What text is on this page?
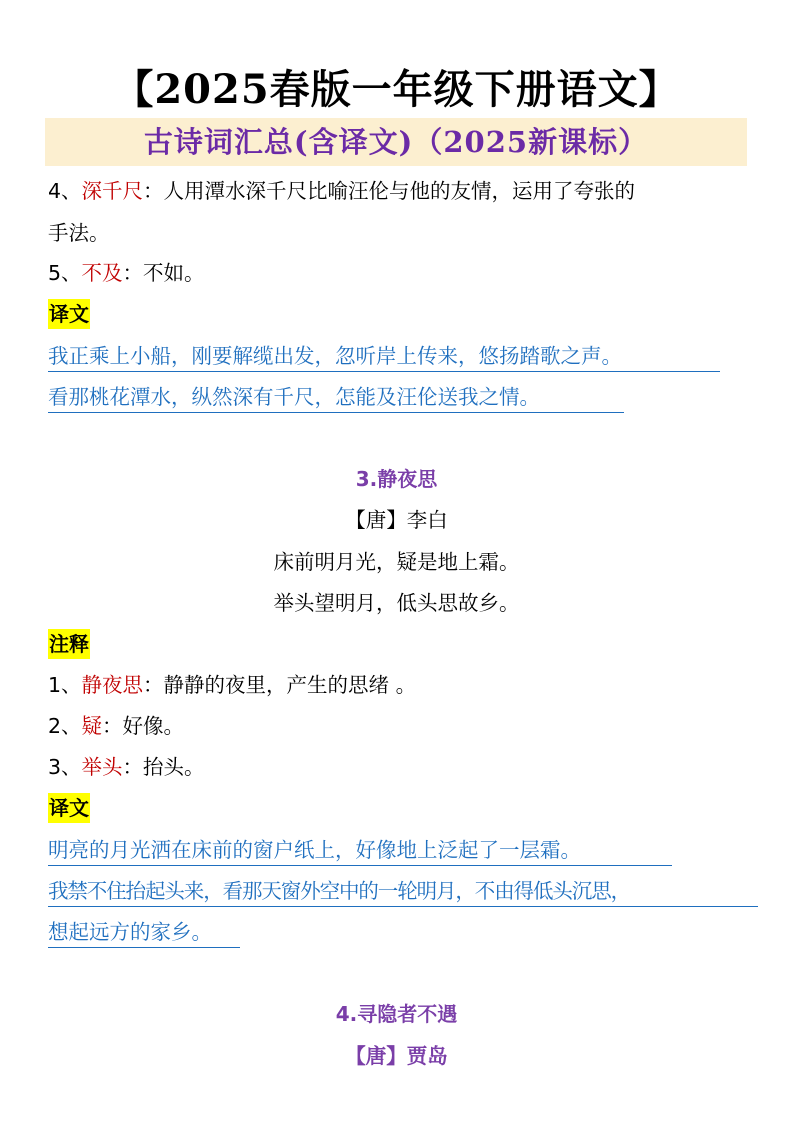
【2025春版一年级下册语文】
古诗词汇总(含译文)（2025新课标）
4、深千尺：人用潭水深千尺比喻汪伦与他的友情，运用了夸张的
手法。
5、不及：不如。
译文
我正乘上小船，刚要解缆出发，忽听岸上传来，悠扬踏歌之声。
看那桃花潭水，纵然深有千尺，怎能及汪伦送我之情。
3.静夜思
【唐】李白
床前明月光，疑是地上霜。
举头望明月，低头思故乡。
注释
1、静夜思：静静的夜里，产生的思绪 。
2、疑：好像。
3、举头：抬头。
译文
明亮的月光洒在床前的窗户纸上，好像地上泛起了一层霜。
我禁不住抬起头来，看那天窗外空中的一轮明月，不由得低头沉思，
想起远方的家乡。
4.寻隐者不遇
【唐】贾岛
